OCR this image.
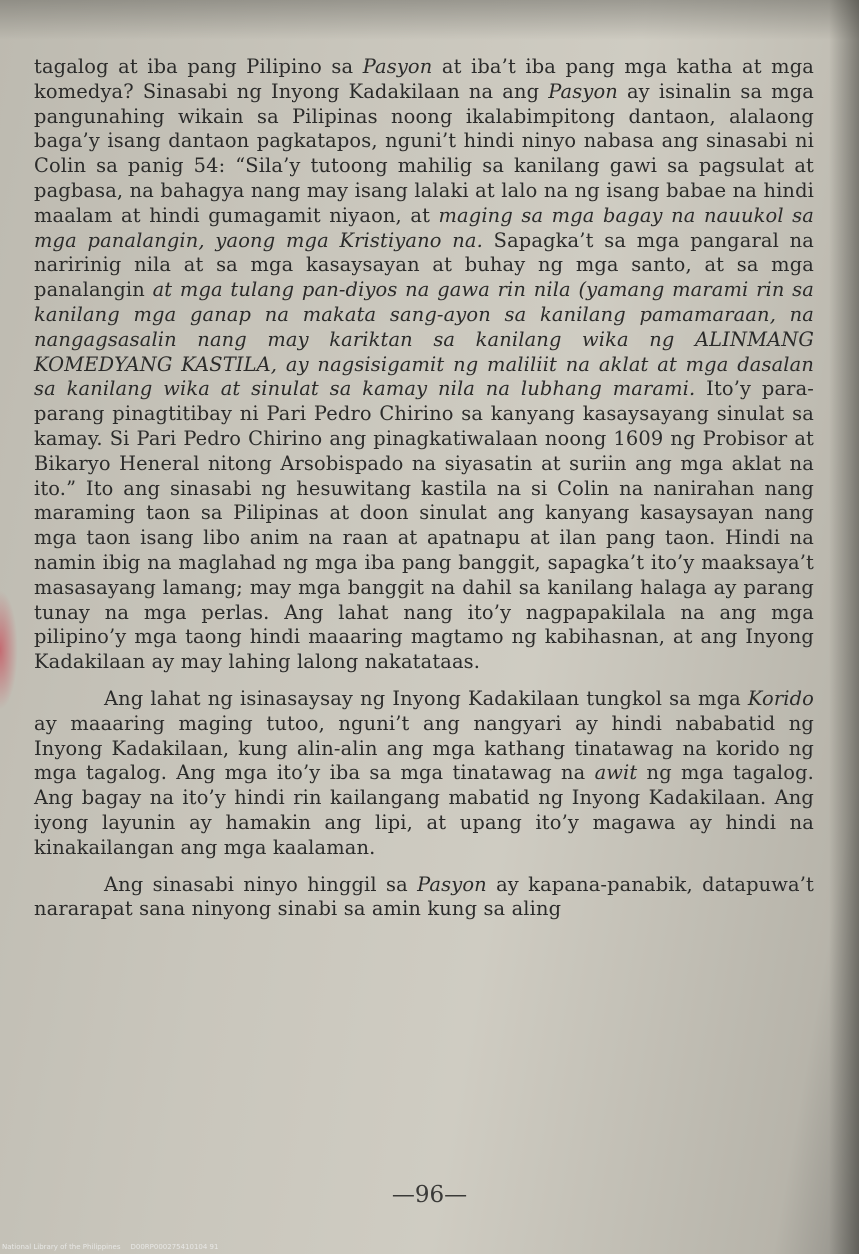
tagalog at iba pang Pilipino sa Pasyon at iba’t iba pang mga katha at mga komedya? Sinasabi ng Inyong Kadakilaan na ang Pasyon ay isinalin sa mga pangunahing wikain sa Pilipinas noong ikalabimpitong dantaon, alalaong baga’y isang dantaon pagkatapos, nguni’t hindi ninyo nabasa ang sinasabi ni Colin sa panig 54: “Sila’y tutoong mahilig sa kanilang gawi sa pagsulat at pagbasa, na bahagya nang may isang lalaki at lalo na ng isang babae na hindi maalam at hindi gumagamit niyaon, at maging sa mga bagay na nauukol sa mga panalangin, yaong mga Kristiyano na. Sapagka’t sa mga pangaral na naririnig nila at sa mga kasaysayan at buhay ng mga santo, at sa mga panalangin at mga tulang pan-diyos na gawa rin nila (yamang marami rin sa kanilang mga ganap na makata sang-ayon sa kanilang pamamaraan, na nangagsasalin nang may kariktan sa kanilang wika ng ALINMANG KOMEDYANG KASTILA, ay nagsisigamit ng maliliit na aklat at mga dasalan sa kanilang wika at sinulat sa kamay nila na lubhang marami. Ito’y para-parang pinagtitibay ni Pari Pedro Chirino sa kanyang kasaysayang sinulat sa kamay. Si Pari Pedro Chirino ang pinagkatiwalaan noong 1609 ng Probisor at Bikaryo Heneral nitong Arsobispado na siyasatin at suriin ang mga aklat na ito.” Ito ang sinasabi ng hesuwitang kastila na si Colin na nanirahan nang maraming taon sa Pilipinas at doon sinulat ang kanyang kasaysayan nang mga taon isang libo anim na raan at apatnapu at ilan pang taon. Hindi na namin ibig na maglahad ng mga iba pang banggit, sapagka’t ito’y maaksaya’t masasayang lamang; may mga banggit na dahil sa kanilang halaga ay parang tunay na mga perlas. Ang lahat nang ito’y nagpapakilala na ang mga pilipino’y mga taong hindi maaaring magtamo ng kabihasnan, at ang Inyong Kadakilaan ay may lahing lalong nakatataas.

Ang lahat ng isinasaysay ng Inyong Kadakilaan tungkol sa mga Korido ay maaaring maging tutoo, nguni’t ang nangyari ay hindi nababatid ng Inyong Kadakilaan, kung alin-alin ang mga kathang tinatawag na korido ng mga tagalog. Ang mga ito’y iba sa mga tinatawag na awit ng mga tagalog. Ang bagay na ito’y hindi rin kailangang mabatid ng Inyong Kadakilaan. Ang iyong layunin ay hamakin ang lipi, at upang ito’y magawa ay hindi na kinakailangan ang mga kaalaman.

Ang sinasabi ninyo hinggil sa Pasyon ay kapana-panabik, datapuwa’t nararapat sana ninyong sinabi sa amin kung sa aling

—96—
National Library of the Philippines D00RP000275410104 91
